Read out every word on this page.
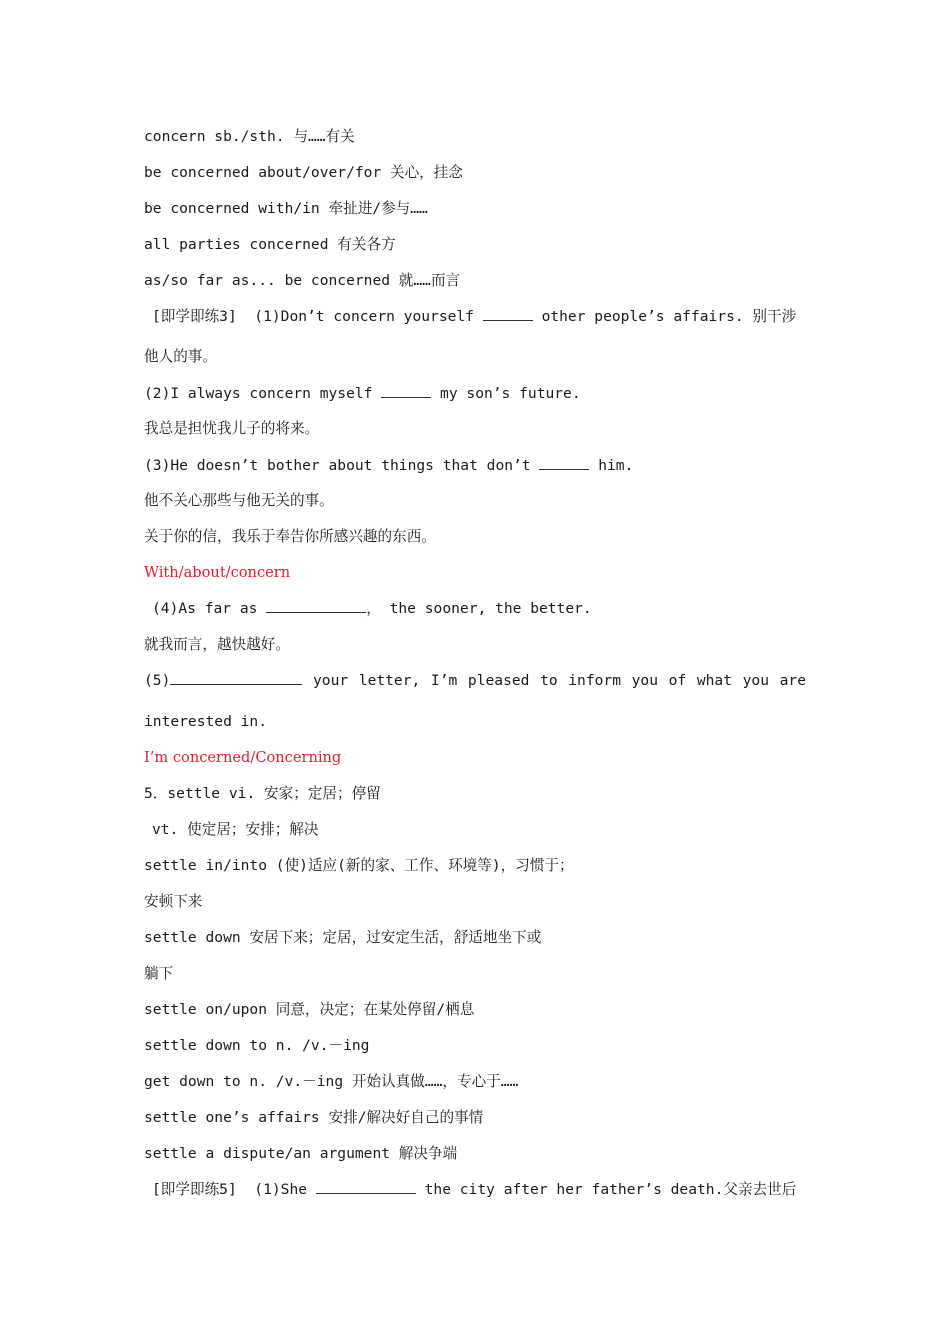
concern sb./sth. 与……有关
be concerned about/over/for 关心，挂念
be concerned with/in 牵扯进/参与……
all parties concerned 有关各方
as/so far as... be concerned 就……而言
[即学即练3]  (1)Don’t concern yourself	other people’s affairs. 别干涉
他人的事。
(2)I always concern myself	my son’s future.
我总是担忧我儿子的将来。
(3)He doesn’t bother about things that don’t	him.
他不关心那些与他无关的事。
关于你的信，我乐于奉告你所感兴趣的东西。
With/about/concern
(4)As far as	， the sooner, the better.
就我而言，越快越好。
(5)	your letter, I’m pleased to inform you of what you are
interested in.
I’m concerned/Concerning
5．settle vi. 安家；定居；停留
vt. 使定居；安排；解决
settle in/into (使)适应(新的家、工作、环境等)，习惯于；
安顿下来
settle down 安居下来；定居，过安定生活，舒适地坐下或
躺下
settle on/upon 同意，决定；在某处停留/栖息
settle down to n. /v.－ing
get down to n. /v.－ing 开始认真做……，专心于……
settle one’s affairs 安排/解决好自己的事情
settle a dispute/an argument 解决争端
[即学即练5]  (1)She	the city after her father’s death.父亲去世后
